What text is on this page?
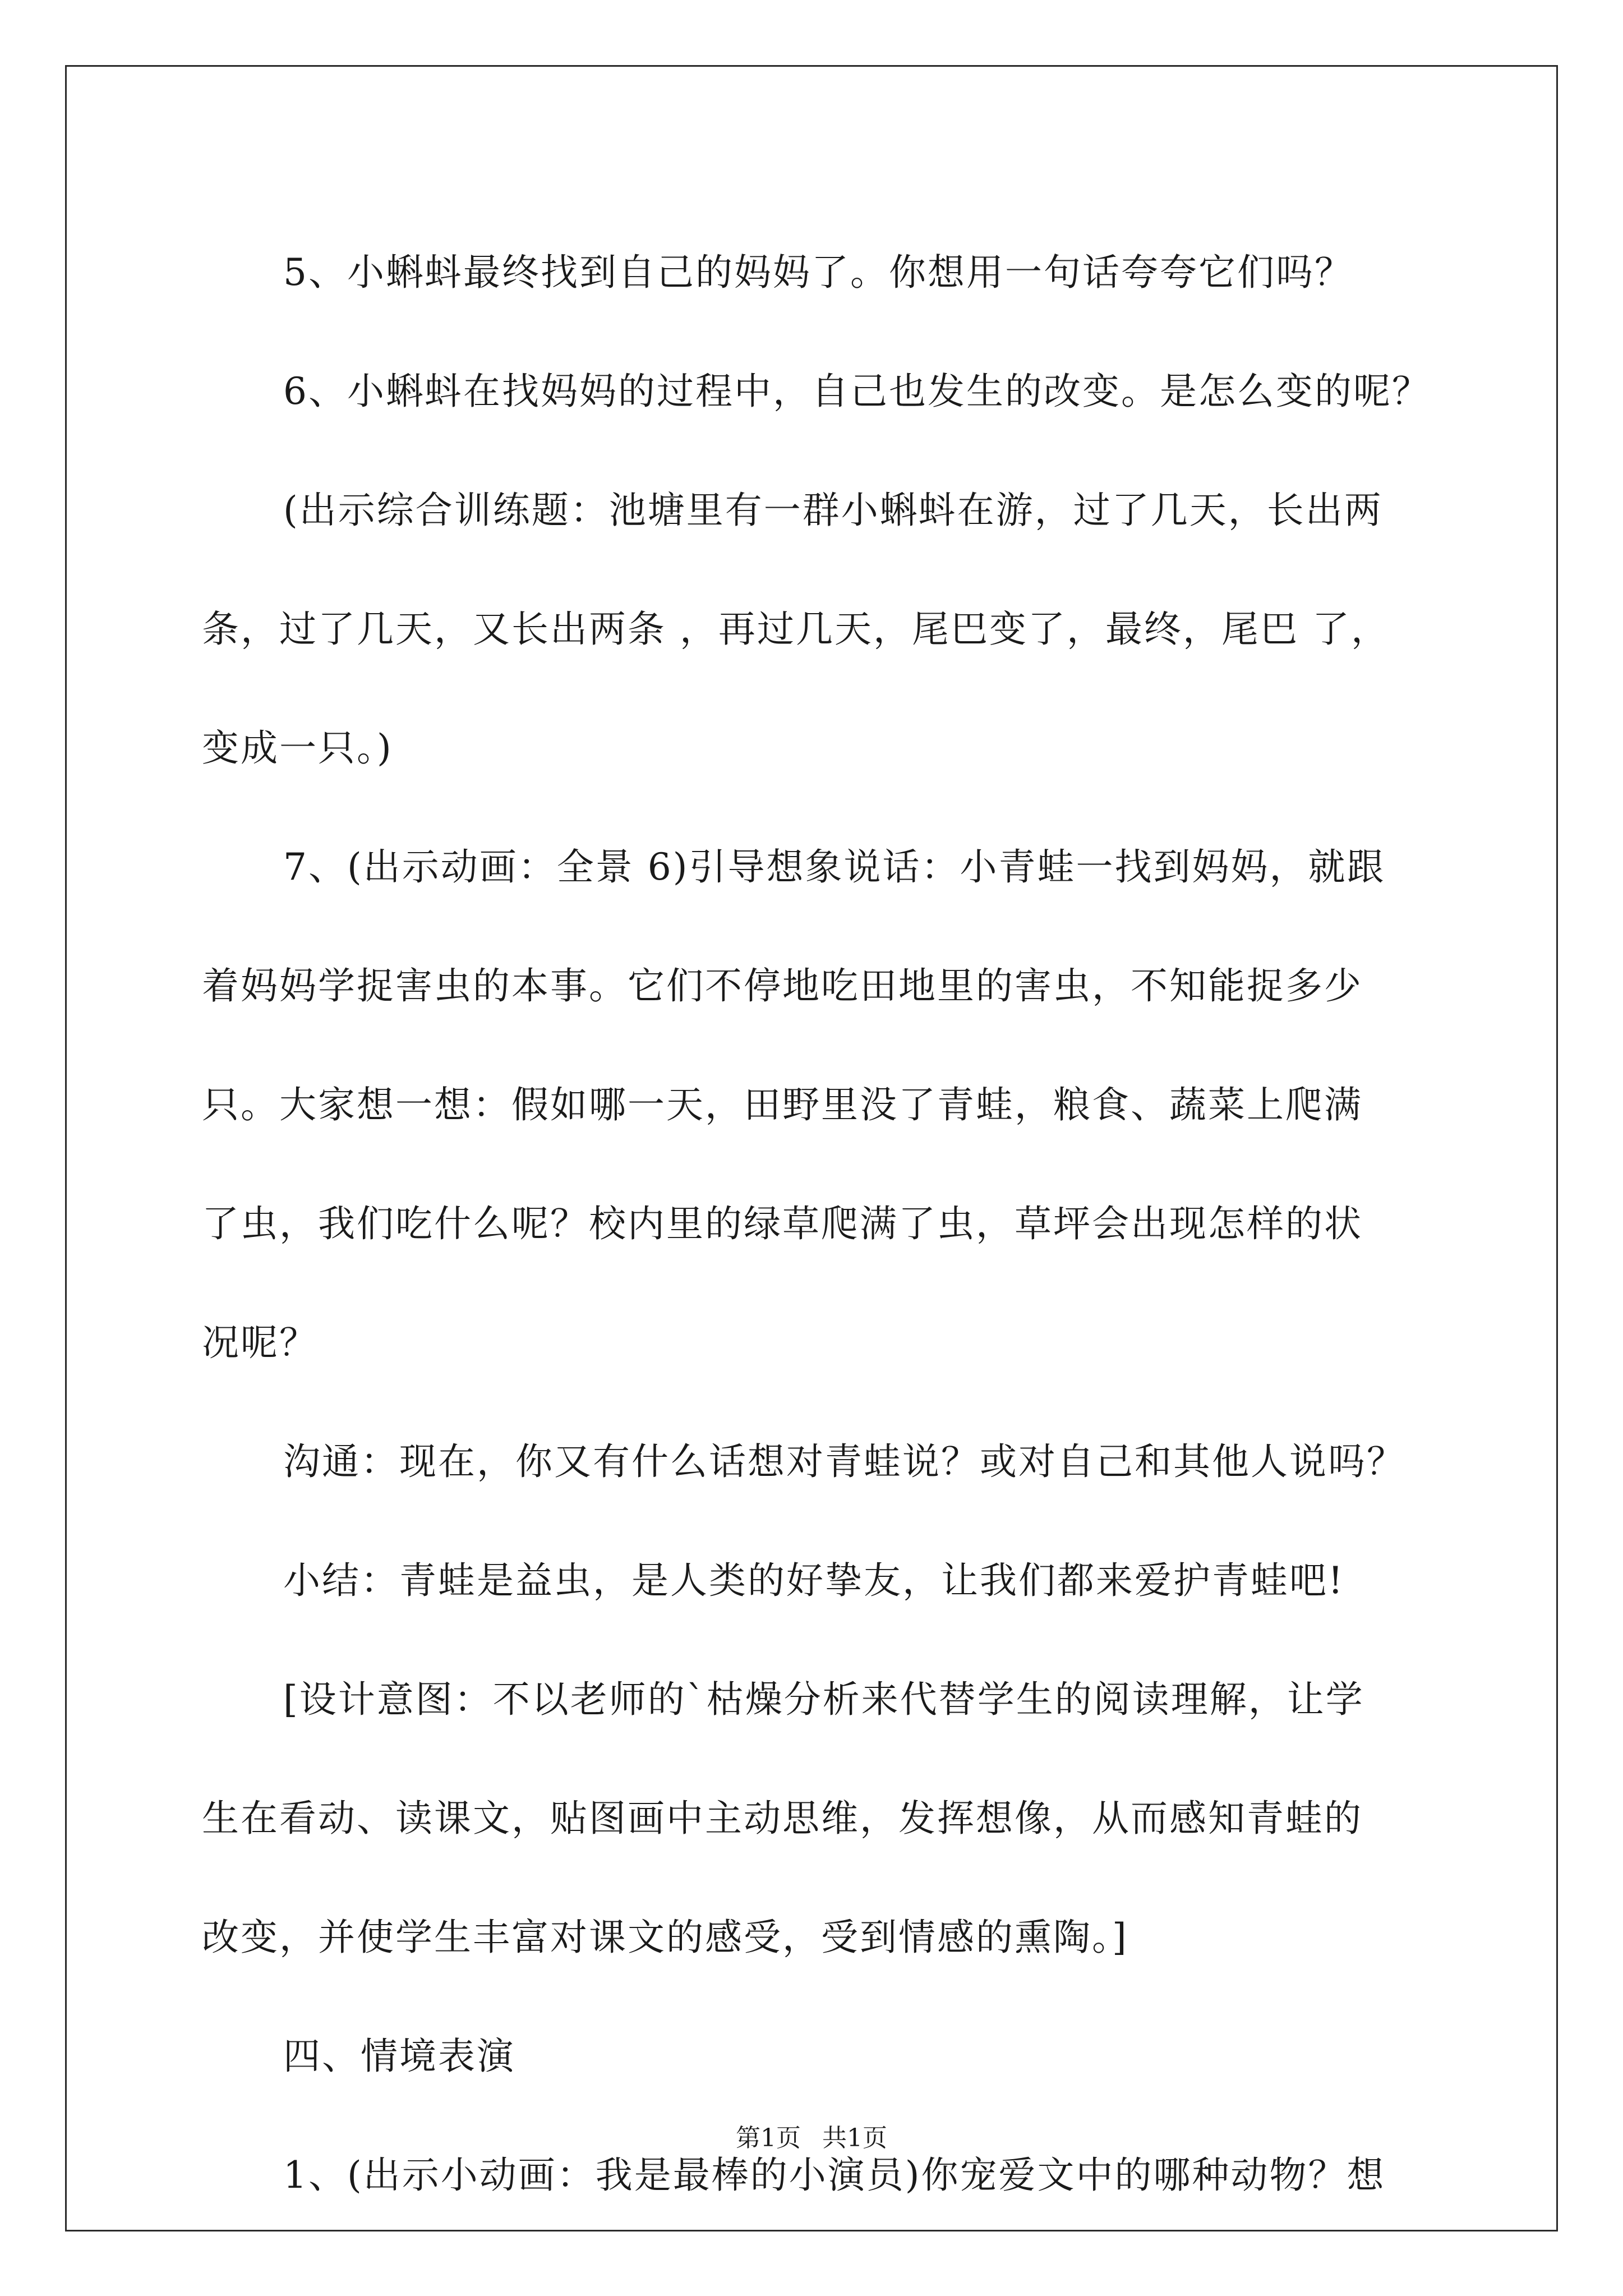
5、小蝌蚪最终找到自己的妈妈了。你想用一句话夸夸它们吗？

6、小蝌蚪在找妈妈的过程中，自己也发生的改变。是怎么变的呢？

(出示综合训练题：池塘里有一群小蝌蚪在游，过了几天，长出两
条，过了几天，又长出两条 ，再过几天，尾巴变了，最终，尾巴 了，
变成一只。)

7、(出示动画：全景 6)引导想象说话：小青蛙一找到妈妈，就跟
着妈妈学捉害虫的本事。它们不停地吃田地里的害虫，不知能捉多少
只。大家想一想：假如哪一天，田野里没了青蛙，粮食、蔬菜上爬满
了虫，我们吃什么呢？校内里的绿草爬满了虫，草坪会出现怎样的状
况呢？

沟通：现在，你又有什么话想对青蛙说？或对自己和其他人说吗？

小结：青蛙是益虫，是人类的好挚友，让我们都来爱护青蛙吧!

[设计意图：不以老师的`枯燥分析来代替学生的阅读理解，让学
生在看动、读课文，贴图画中主动思维，发挥想像，从而感知青蛙的
改变，并使学生丰富对课文的感受，受到情感的熏陶。]

四、情境表演

1、(出示小动画：我是最棒的小演员)你宠爱文中的哪种动物？想

第1页 共1页
